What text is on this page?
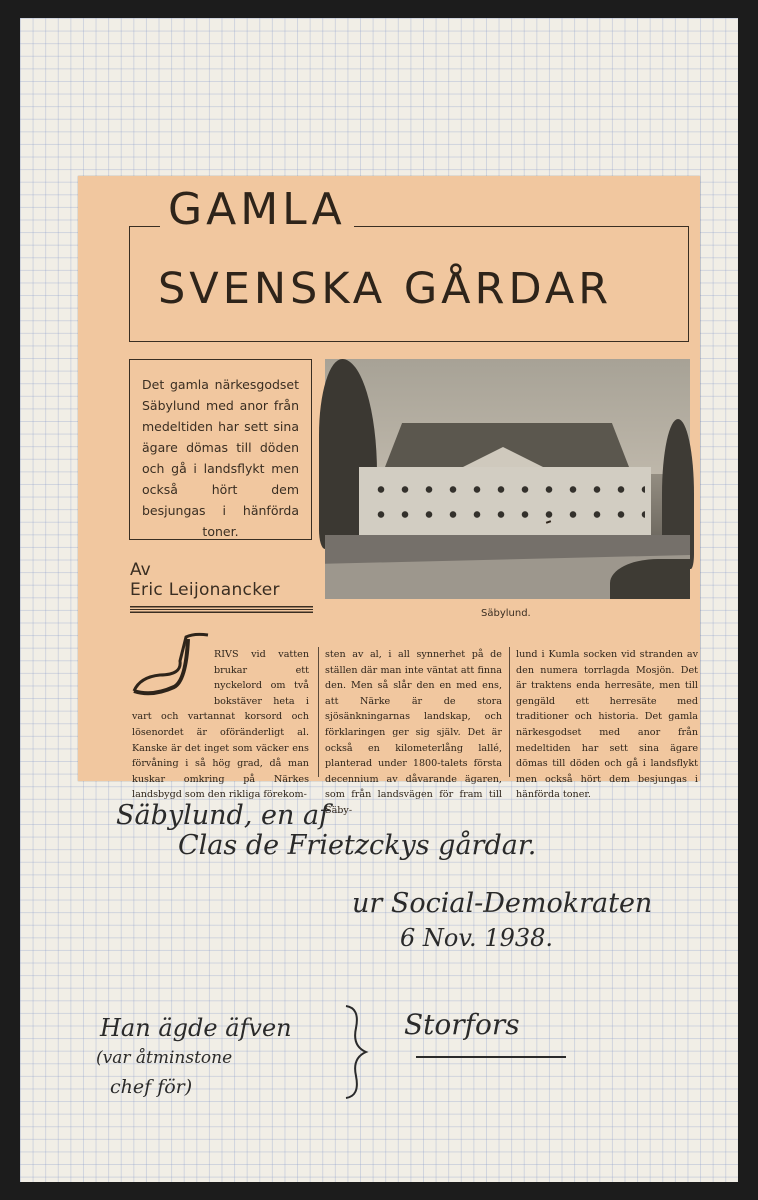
GAMLA
SVENSKA GÅRDAR
Det gamla närkesgodset Säbylund med anor från medeltiden har sett sina ägare dömas till döden och gå i landsflykt men också hört dem besjungas i hänförda toner.
Säbylund.
Av
Eric Leijonancker
RIVS vid vatten brukar ett nyckelord om två bokstäver heta i vart och vartannat korsord och lösenordet är oföränderligt al. Kanske är det inget som väcker ens förvåning i så hög grad, då man kuskar omkring på Närkes landsbygd som den rikliga förekom-
sten av al, i all synnerhet på de ställen där man inte väntat att finna den. Men så slår den en med ens, att Närke är de stora sjösänkningarnas landskap, och förklaringen ger sig själv. Det är också en kilometerlång lallé, planterad under 1800-talets första decennium av dåvarande ägaren, som från landsvägen för fram till Säby-
lund i Kumla socken vid stranden av den numera torrlagda Mosjön. Det är traktens enda herresäte, men till gengäld ett herresäte med traditioner och historia. Det gamla närkesgodset med anor från medeltiden har sett sina ägare dömas till döden och gå i landsflykt men också hört dem besjungas i hänförda toner.
Säbylund, en af
Clas de Frietzckys gårdar.
ur Social-Demokraten
6 Nov. 1938.
Han ägde äfven
(var åtminstone
chef för)
Storfors
